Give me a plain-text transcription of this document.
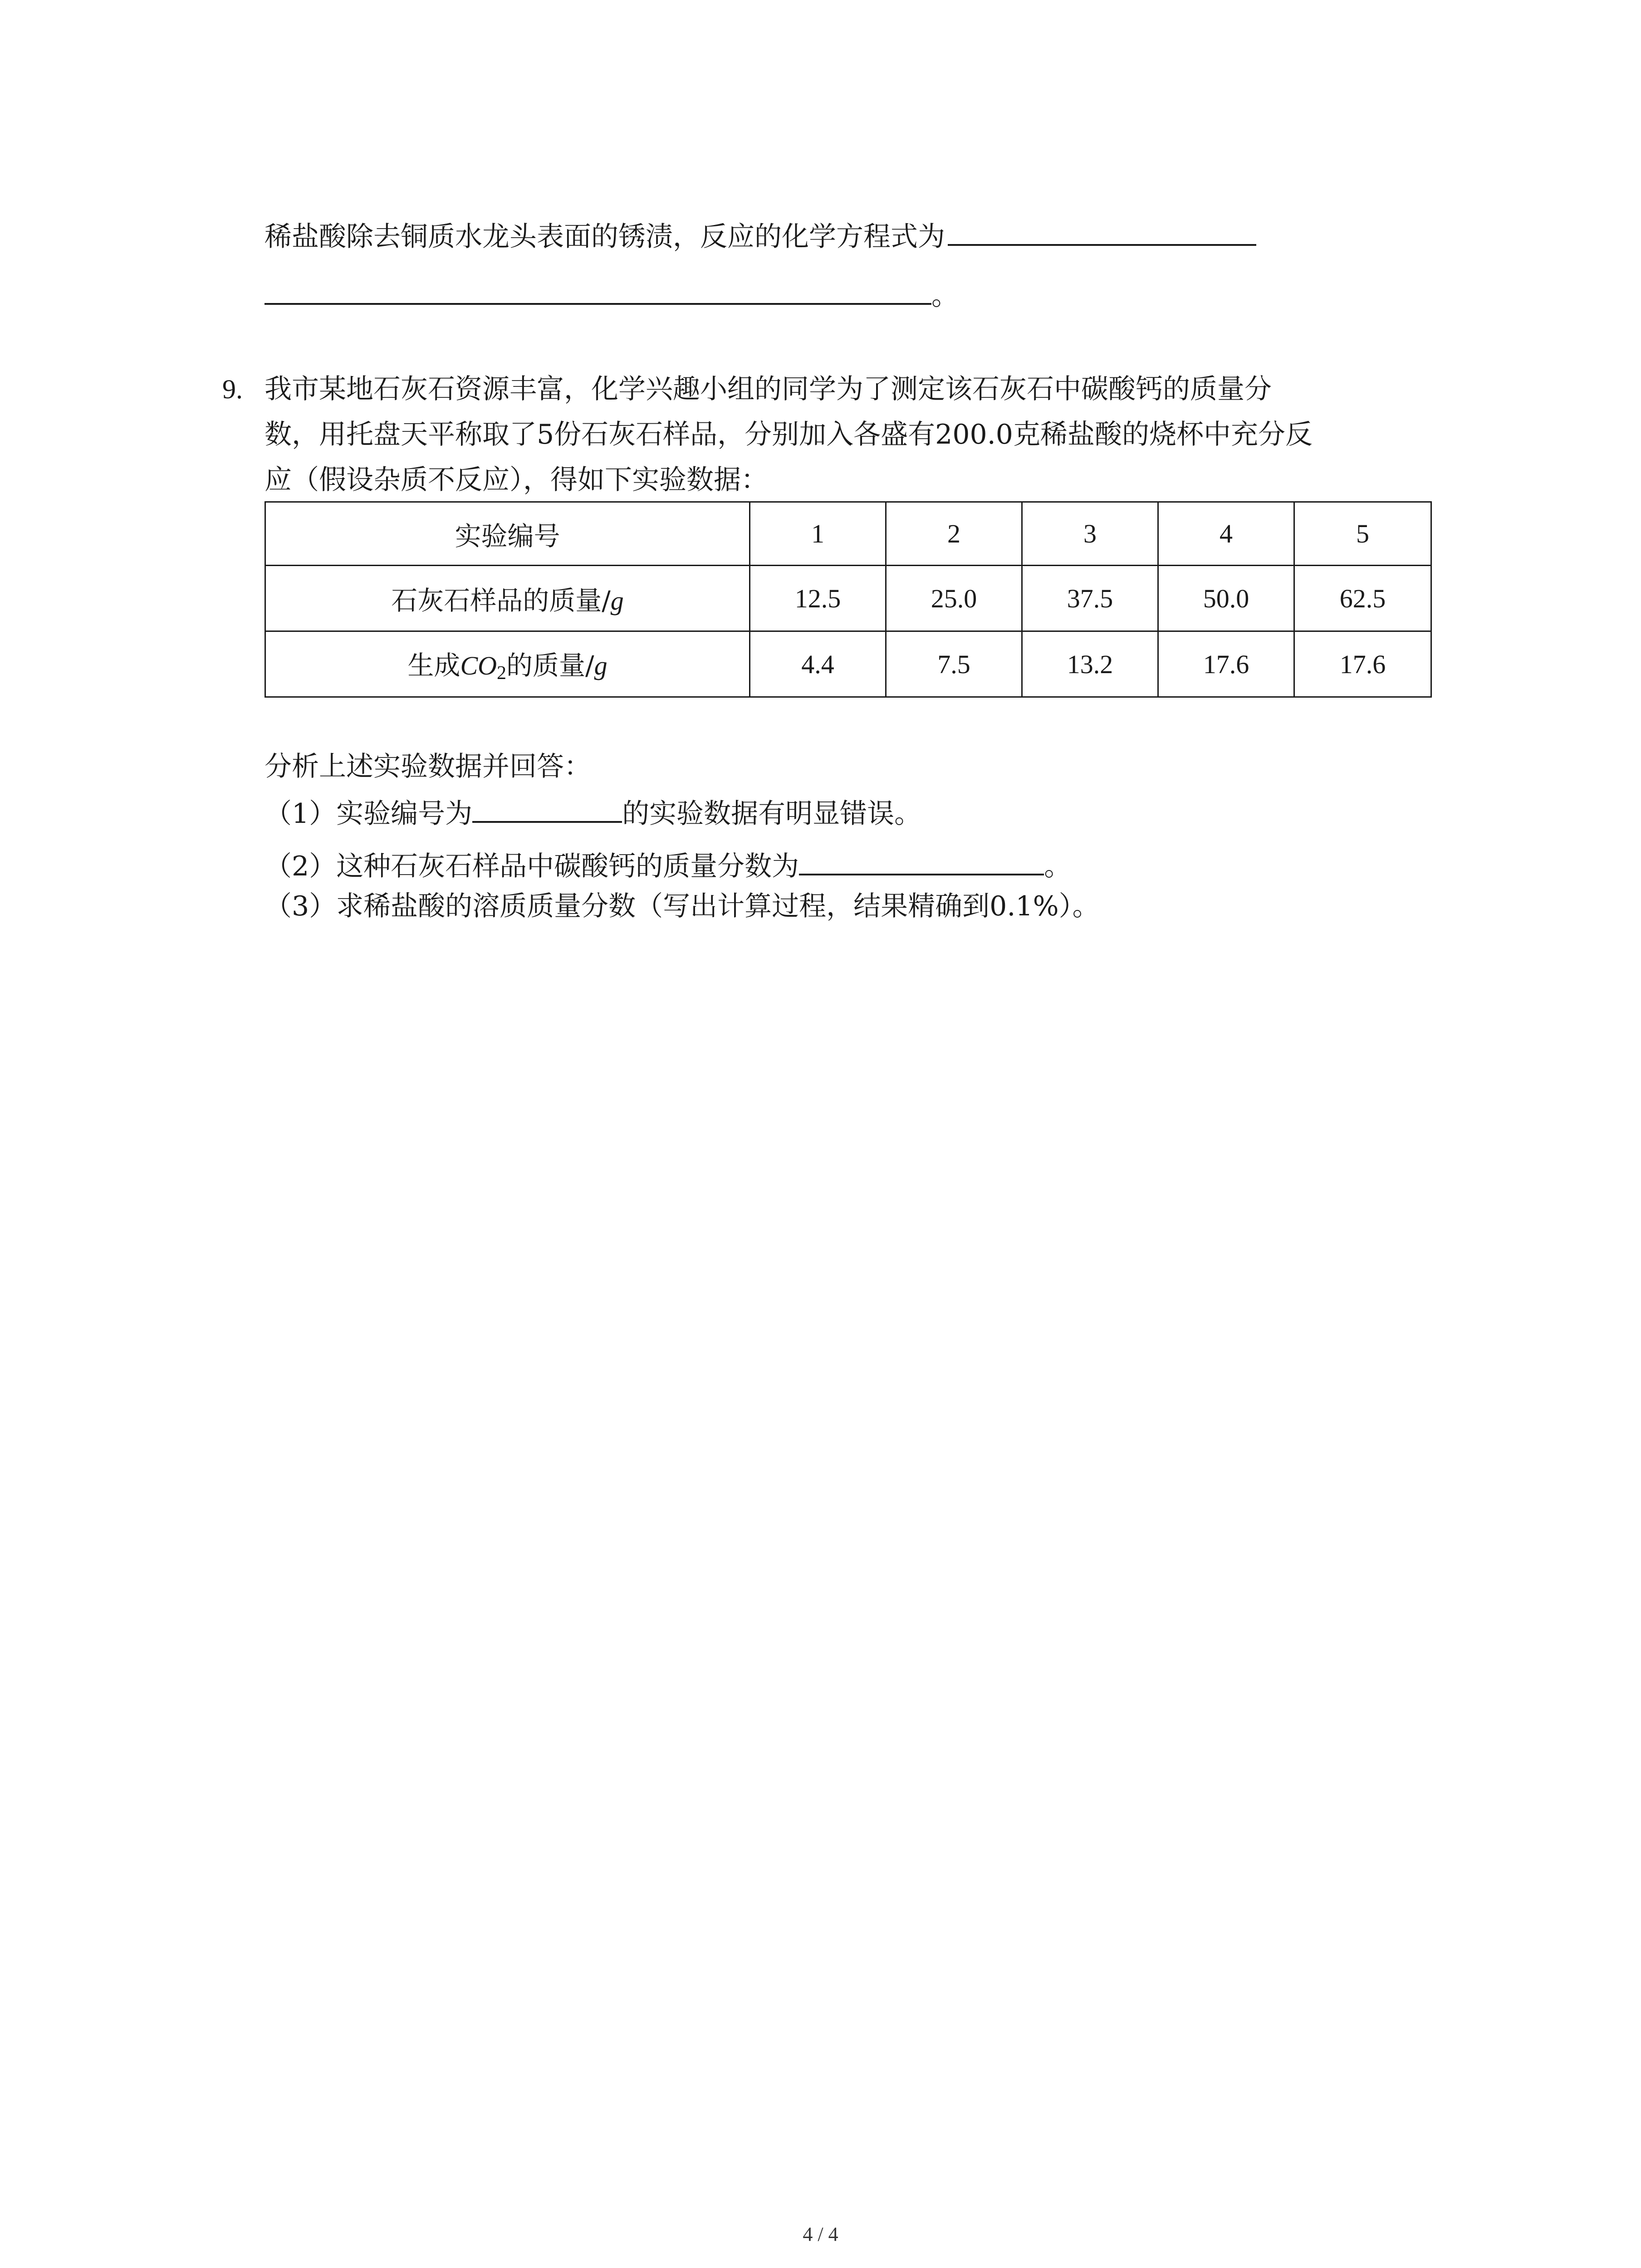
稀盐酸除去铜质水龙头表面的锈渍，反应的化学方程式为
。
9. 我市某地石灰石资源丰富，化学兴趣小组的同学为了测定该石灰石中碳酸钙的质量分
数，用托盘天平称取了5份石灰石样品，分别加入各盛有200.0克稀盐酸的烧杯中充分反
应（假设杂质不反应），得如下实验数据：
实验编号	1	2	3	4	5
石灰石样品的质量/g	12.5	25.0	37.5	50.0	62.5
生成$CO_2$的质量/g	4.4	7.5	13.2	17.6	17.6
分析上述实验数据并回答：
（1）实验编号为	的实验数据有明显错误。
（2）这种石灰石样品中碳酸钙的质量分数为	。
（3）求稀盐酸的溶质质量分数（写出计算过程，结果精确到0.1%）。
4 / 4
